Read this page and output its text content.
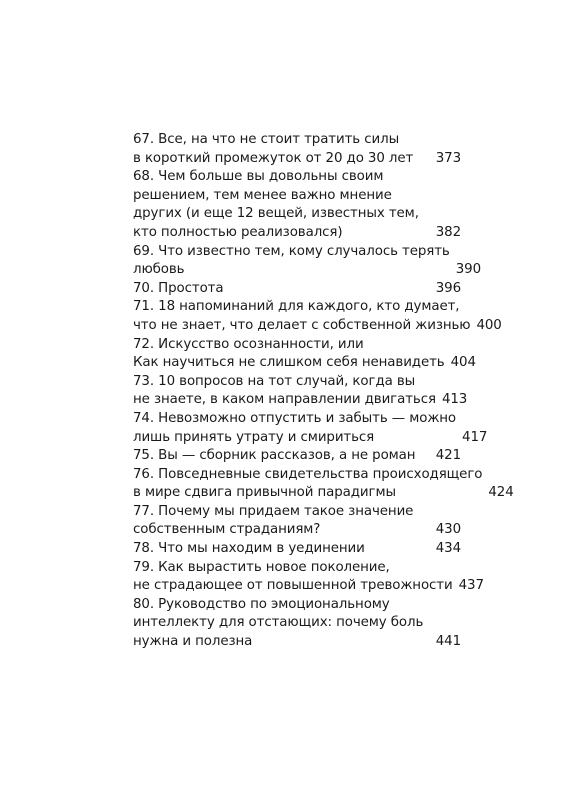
67. Все, на что не стоит тратить силы
в короткий промежуток от 20 до 30 лет	373
68. Чем больше вы довольны своим
решением, тем менее важно мнение
других (и еще 12 вещей, известных тем,
кто полностью реализовался)	382
69. Что известно тем, кому случалось терять
любовь	390
70. Простота	396
71. 18 напоминаний для каждого, кто думает,
что не знает, что делает с собственной жизнью 400
72. Искусство осознанности, или
Как научиться не слишком себя ненавидеть 404
73. 10 вопросов на тот случай, когда вы
не знаете, в каком направлении двигаться 413
74. Невозможно отпустить и забыть — можно
лишь принять утрату и смириться	417
75. Вы — сборник рассказов, а не роман	421
76. Повседневные свидетельства происходящего
в мире сдвига привычной парадигмы	424
77. Почему мы придаем такое значение
собственным страданиям?	430
78. Что мы находим в уединении	434
79. Как вырастить новое поколение,
не страдающее от повышенной тревожности 437
80. Руководство по эмоциональному
интеллекту для отстающих: почему боль
нужна и полезна	441
